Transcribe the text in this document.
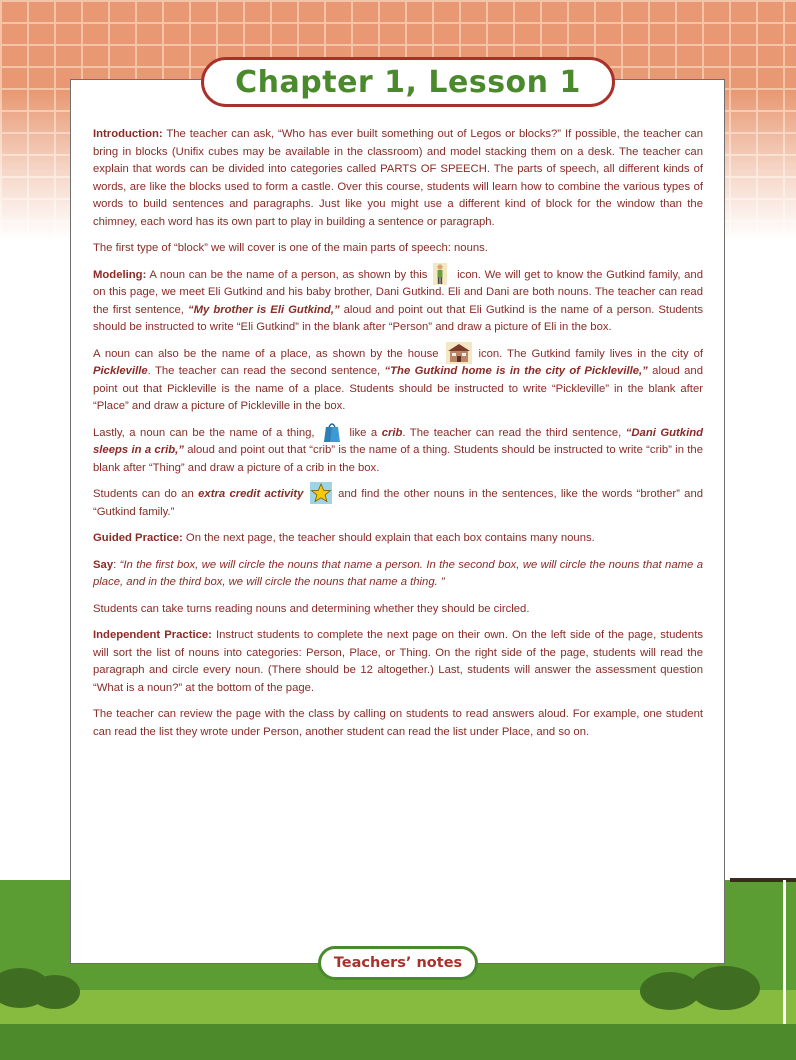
Chapter 1, Lesson 1

Introduction: The teacher can ask, “Who has ever built something out of Legos or blocks?” If possible, the teacher can bring in blocks (Unifix cubes may be available in the classroom) and model stacking them on a desk. The teacher can explain that words can be divided into categories called PARTS OF SPEECH. The parts of speech, all different kinds of words, are like the blocks used to form a castle. Over this course, students will learn how to combine the various types of words to build sentences and paragraphs. Just like you might use a different kind of block for the window than the chimney, each word has its own part to play in building a sentence or paragraph.

The first type of “block” we will cover is one of the main parts of speech: nouns.

Modeling: A noun can be the name of a person, as shown by this icon. We will get to know the Gutkind family, and on this page, we meet Eli Gutkind and his baby brother, Dani Gutkind. Eli and Dani are both nouns. The teacher can read the first sentence, “My brother is Eli Gutkind,” aloud and point out that Eli Gutkind is the name of a person. Students should be instructed to write “Eli Gutkind” in the blank after “Person” and draw a picture of Eli in the box.

A noun can also be the name of a place, as shown by the house	icon. The Gutkind family lives in the city of Pickleville. The teacher can read the second sentence, “The Gutkind home is in the city of Pickleville,” aloud and point out that Pickleville is the name of a place. Students should be instructed to write “Pickleville” in the blank after “Place” and draw a picture of Pickleville in the box.

Lastly, a noun can be the name of a thing,	like a crib. The teacher can read the third sentence, “Dani Gutkind sleeps in a crib,” aloud and point out that “crib” is the name of a thing. Students should be instructed to write “crib” in the blank after “Thing” and draw a picture of a crib in the box.

Students can do an extra credit activity	and find the other nouns in the sentences, like the words “brother” and “Gutkind family.”

Guided Practice: On the next page, the teacher should explain that each box contains many nouns.

Say: “In the first box, we will circle the nouns that name a person. In the second box, we will circle the nouns that name a place, and in the third box, we will circle the nouns that name a thing. ”

Students can take turns reading nouns and determining whether they should be circled.

Independent Practice: Instruct students to complete the next page on their own. On the left side of the page, students will sort the list of nouns into categories: Person, Place, or Thing. On the right side of the page, students will read the paragraph and circle every noun. (There should be 12 altogether.) Last, students will answer the assessment question “What is a noun?” at the bottom of the page.

The teacher can review the page with the class by calling on students to read answers aloud. For example, one student can read the list they wrote under Person, another student can read the list under Place, and so on.

Teachers’ notes
